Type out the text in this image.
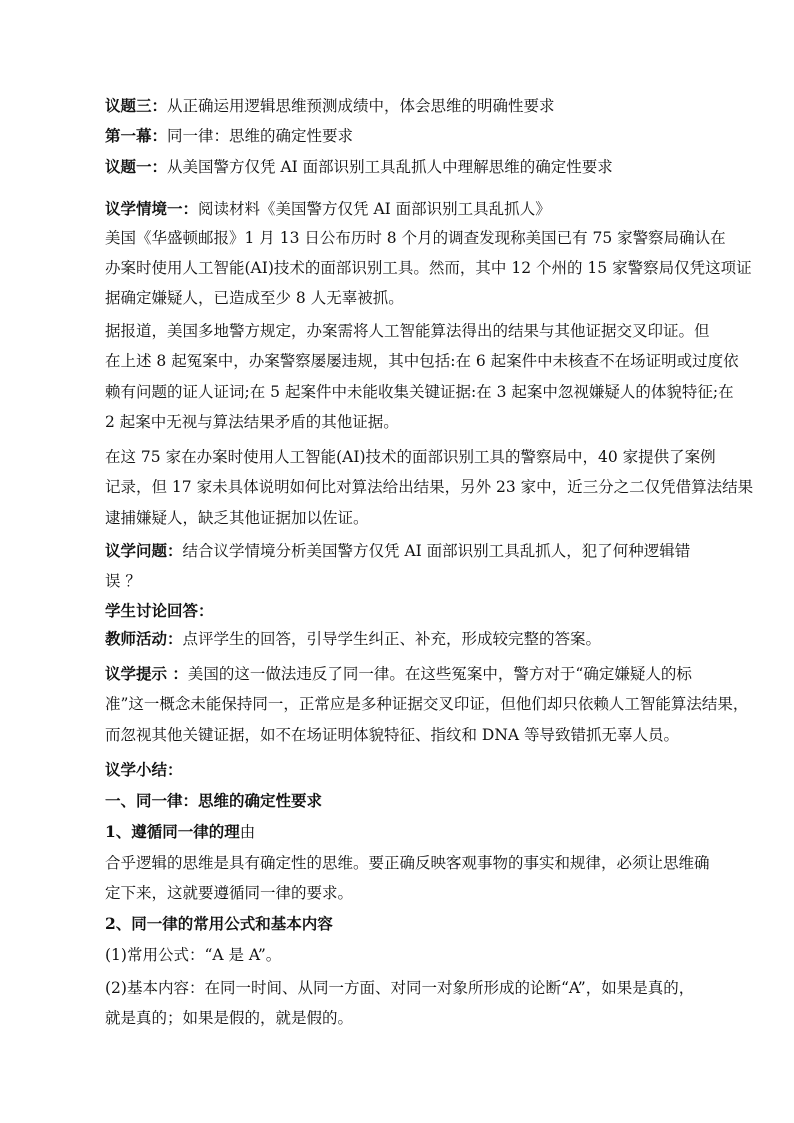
议题三：从正确运用逻辑思维预测成绩中，体会思维的明确性要求
第一幕：同一律：思维的确定性要求
议题一：从美国警方仅凭 AI 面部识别工具乱抓人中理解思维的确定性要求
议学情境一：阅读材料《美国警方仅凭 AI 面部识别工具乱抓人》
美国《华盛顿邮报》1 月 13 日公布历时 8 个月的调查发现称美国已有 75 家警察局确认在
办案时使用人工智能(AI)技术的面部识别工具。然而，其中 12 个州的 15 家警察局仅凭这项证
据确定嫌疑人，已造成至少 8 人无辜被抓。
据报道，美国多地警方规定，办案需将人工智能算法得出的结果与其他证据交叉印证。但
在上述 8 起冤案中，办案警察屡屡违规，其中包括:在 6 起案件中未核查不在场证明或过度依
赖有问题的证人证词;在 5 起案件中未能收集关键证据:在 3 起案中忽视嫌疑人的体貌特征;在
2 起案中无视与算法结果矛盾的其他证据。
在这 75 家在办案时使用人工智能(AI)技术的面部识别工具的警察局中，40 家提供了案例
记录，但 17 家未具体说明如何比对算法给出结果，另外 23 家中，近三分之二仅凭借算法结果
逮捕嫌疑人，缺乏其他证据加以佐证。
议学问题：结合议学情境分析美国警方仅凭 AI 面部识别工具乱抓人，犯了何种逻辑错
误 ？
学生讨论回答：
教师活动：点评学生的回答，引导学生纠正、补充，形成较完整的答案。
议学提示 ：美国的这一做法违反了同一律。在这些冤案中，警方对于“确定嫌疑人的标
准”这一概念未能保持同一，正常应是多种证据交叉印证，但他们却只依赖人工智能算法结果，
而忽视其他关键证据，如不在场证明体貌特征、指纹和 DNA 等导致错抓无辜人员。
议学小结：
一、同一律：思维的确定性要求
1、遵循同一律的理由
合乎逻辑的思维是具有确定性的思维。要正确反映客观事物的事实和规律，必须让思维确
定下来，这就要遵循同一律的要求。
2、同一律的常用公式和基本内容
(1)常用公式：“A 是 A”。
(2)基本内容：在同一时间、从同一方面、对同一对象所形成的论断“A”，如果是真的，
就是真的；如果是假的，就是假的。
